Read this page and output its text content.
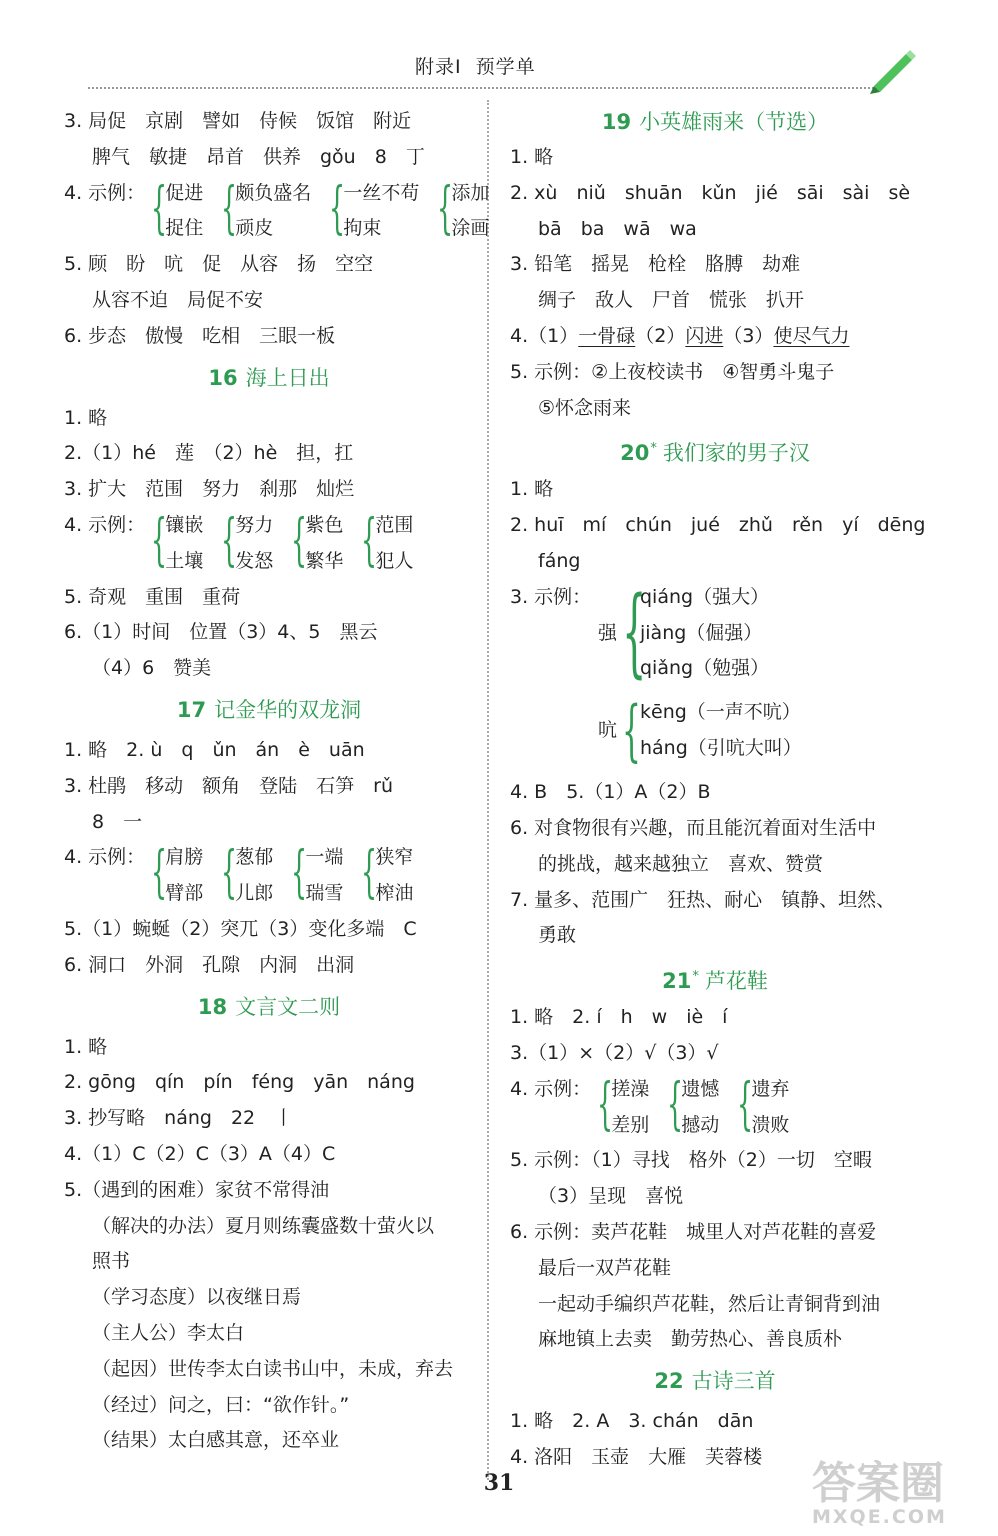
附录Ⅰ 预学单
3. 局促　京剧　譬如　侍候　饭馆　附近
脾气　敏捷　昂首　供养　gǒu　8　丁
4. 示例： {
促进
捉住
{
颇负盛名
顽皮
	{
一丝不苟
拘束
	{
添加
涂画
5. 顾　盼　吭　促　从容　扬　空空
从容不迫　局促不安
6. 步态　傲慢　吃相　三眼一板
16 海上日出
1. 略
2.（1）hé　莲　（2）hè　担，扛
3. 扩大　范围　努力　刹那　灿烂
4. 示例： {
镶嵌
土壤
{
努力
发怒
{
紫色
繁华
{
范围
犯人
5. 奇观　重围　重荷
6.（1）时间　位置（3）4、5　黑云
（4）6　赞美
17 记金华的双龙洞
1. 略　2. ù　q　ǔn　án　è　uān
3. 杜鹃　移动　额角　登陆　石笋　rǔ
8　一
4. 示例： {
肩膀
臂部
{
葱郁
儿郎
{
一端
瑞雪
{
狭窄
榨油
5.（1）蜿蜒（2）突兀（3）变化多端　C
6. 洞口　外洞　孔隙　内洞　出洞
18 文言文二则
1. 略
2. gōng　qín　pín　féng　yān　náng
3. 抄写略　náng　22　丨
4.（1）C（2）C（3）A（4）C
5.（遇到的困难）家贫不常得油
（解决的办法）夏月则练囊盛数十萤火以
照书
（学习态度）以夜继日焉
（主人公）李太白
（起因）世传李太白读书山中，未成，弃去
（经过）问之，曰：“欲作针。”
（结果）太白感其意，还卒业
19 小英雄雨来（节选）
1. 略
2. xù　niǔ　shuān　kǔn　jié　sāi　sài　sè
bā　ba　wā　wa
3. 铅笔　摇晃　枪栓　胳膊　劫难
绸子　敌人　尸首　慌张　扒开
4.（1）一骨碌（2）闪进（3）使尽气力
5. 示例：②上夜校读书　④智勇斗鬼子
⑤怀念雨来
20* 我们家的男子汉
1. 略
2. huī　mí　chún　jué　zhǔ　rěn　yí　dēng
fáng
3. 示例：
强 {
qiáng（强大）
jiàng（倔强）
qiǎng（勉强）
吭 { kēng（一声不吭）
háng（引吭大叫）
4. B　5.（1）A（2）B
6. 对食物很有兴趣，而且能沉着面对生活中
的挑战，越来越独立　喜欢、赞赏
7. 量多、范围广　狂热、耐心　镇静、坦然、
勇敢
21* 芦花鞋
1. 略　2. í　h　w　iè　í
3.（1）×（2）√（3）√
4. 示例： {
搓澡
差别
{
遗憾
撼动
{
遗弃
溃败
5. 示例：（1）寻找　格外（2）一切　空暇
（3）呈现　喜悦
6. 示例：卖芦花鞋　城里人对芦花鞋的喜爱
最后一双芦花鞋
一起动手编织芦花鞋，然后让青铜背到油
麻地镇上去卖　勤劳热心、善良质朴
22 古诗三首
1. 略　2. A　3. chán　dān
4. 洛阳　玉壶　大雁　芙蓉楼
31	答案圈
MXQE.COM
